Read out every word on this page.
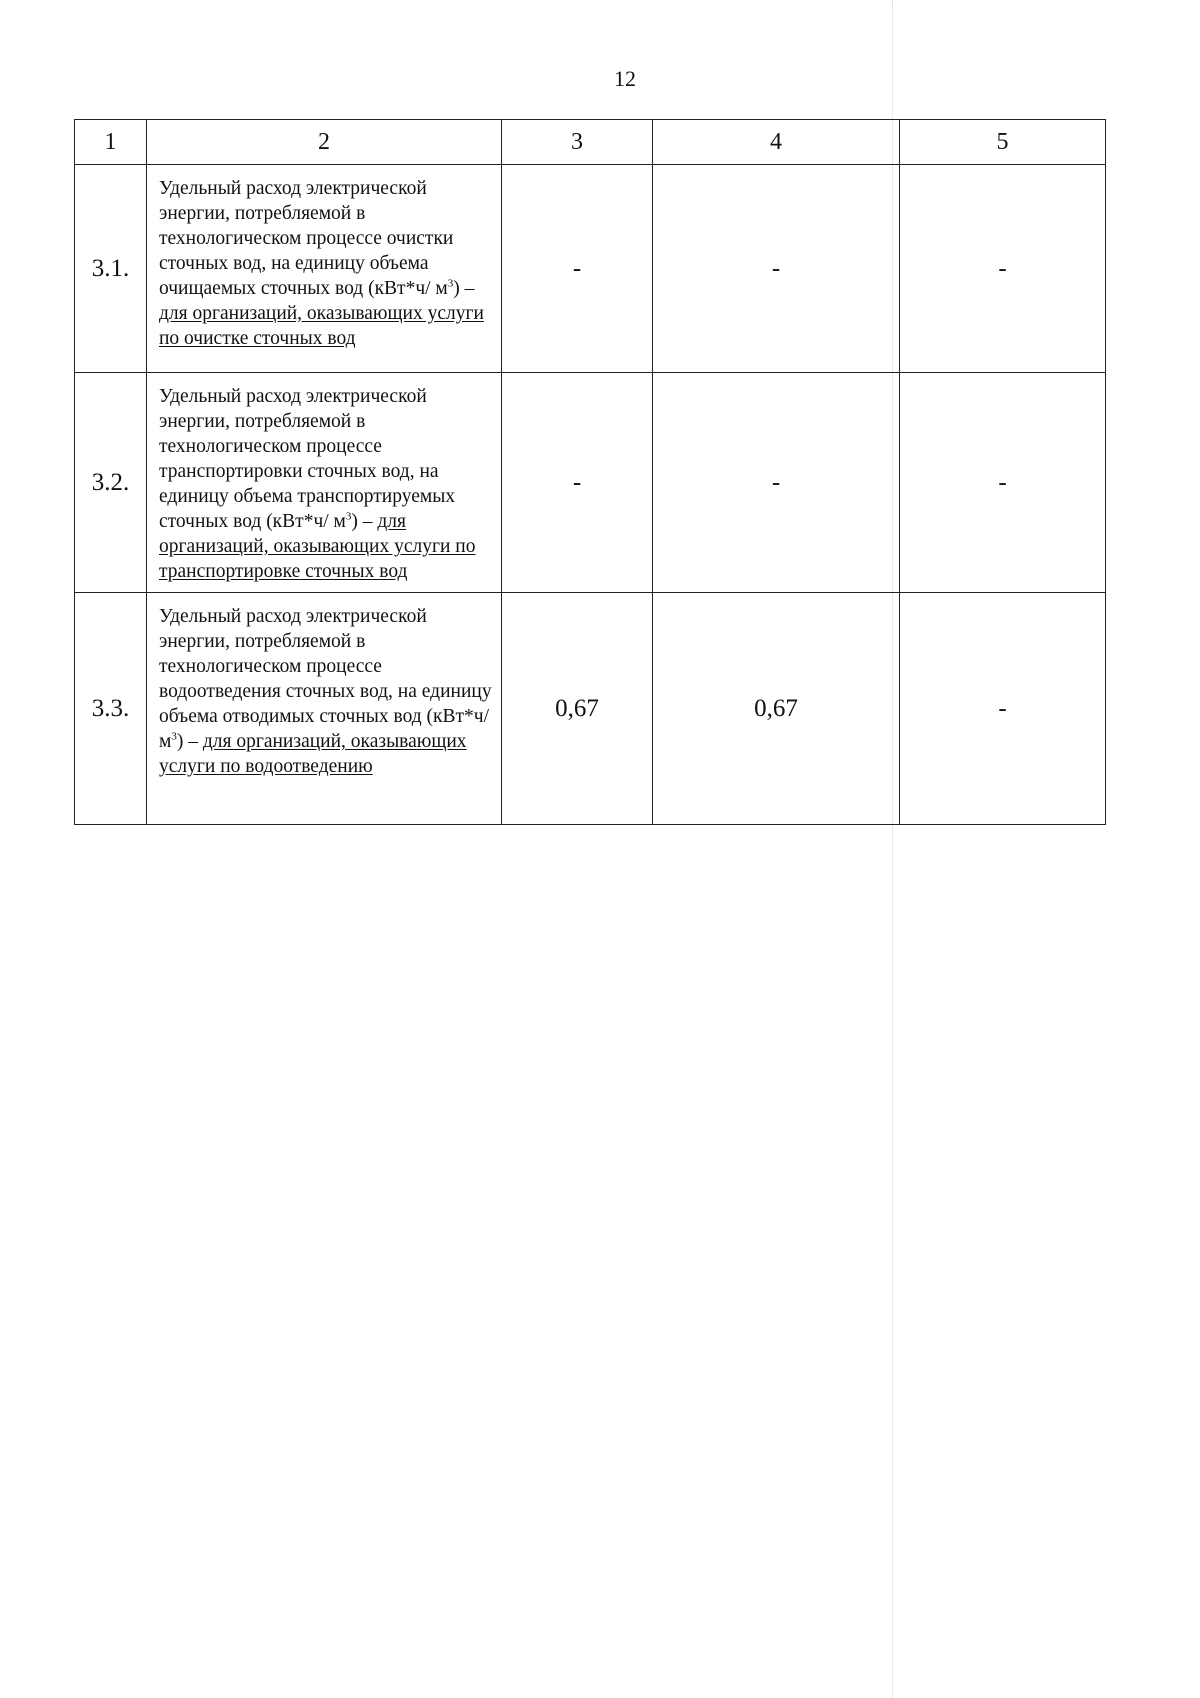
12
1	2	3	4	5
3.1.	Удельный расход электрической энергии, потребляемой в технологическом процессе очистки сточных вод, на единицу объема очищаемых сточных вод (кВт*ч/ $м^3$) – для организаций, оказывающих услуги по очистке сточных вод	-	-	-
3.2.	Удельный расход электрической энергии, потребляемой в технологическом процессе транспортировки сточных вод, на единицу объема транспортируемых сточных вод (кВт*ч/ $м^3$) – для организаций, оказывающих услуги по транспортировке сточных вод	-	-	-
3.3.	Удельный расход электрической энергии, потребляемой в технологическом процессе водоотведения сточных вод, на единицу объема отводимых сточных вод (кВт*ч/ $м^3$) – для организаций, оказывающих услуги по водоотведению	0,67	0,67	-
